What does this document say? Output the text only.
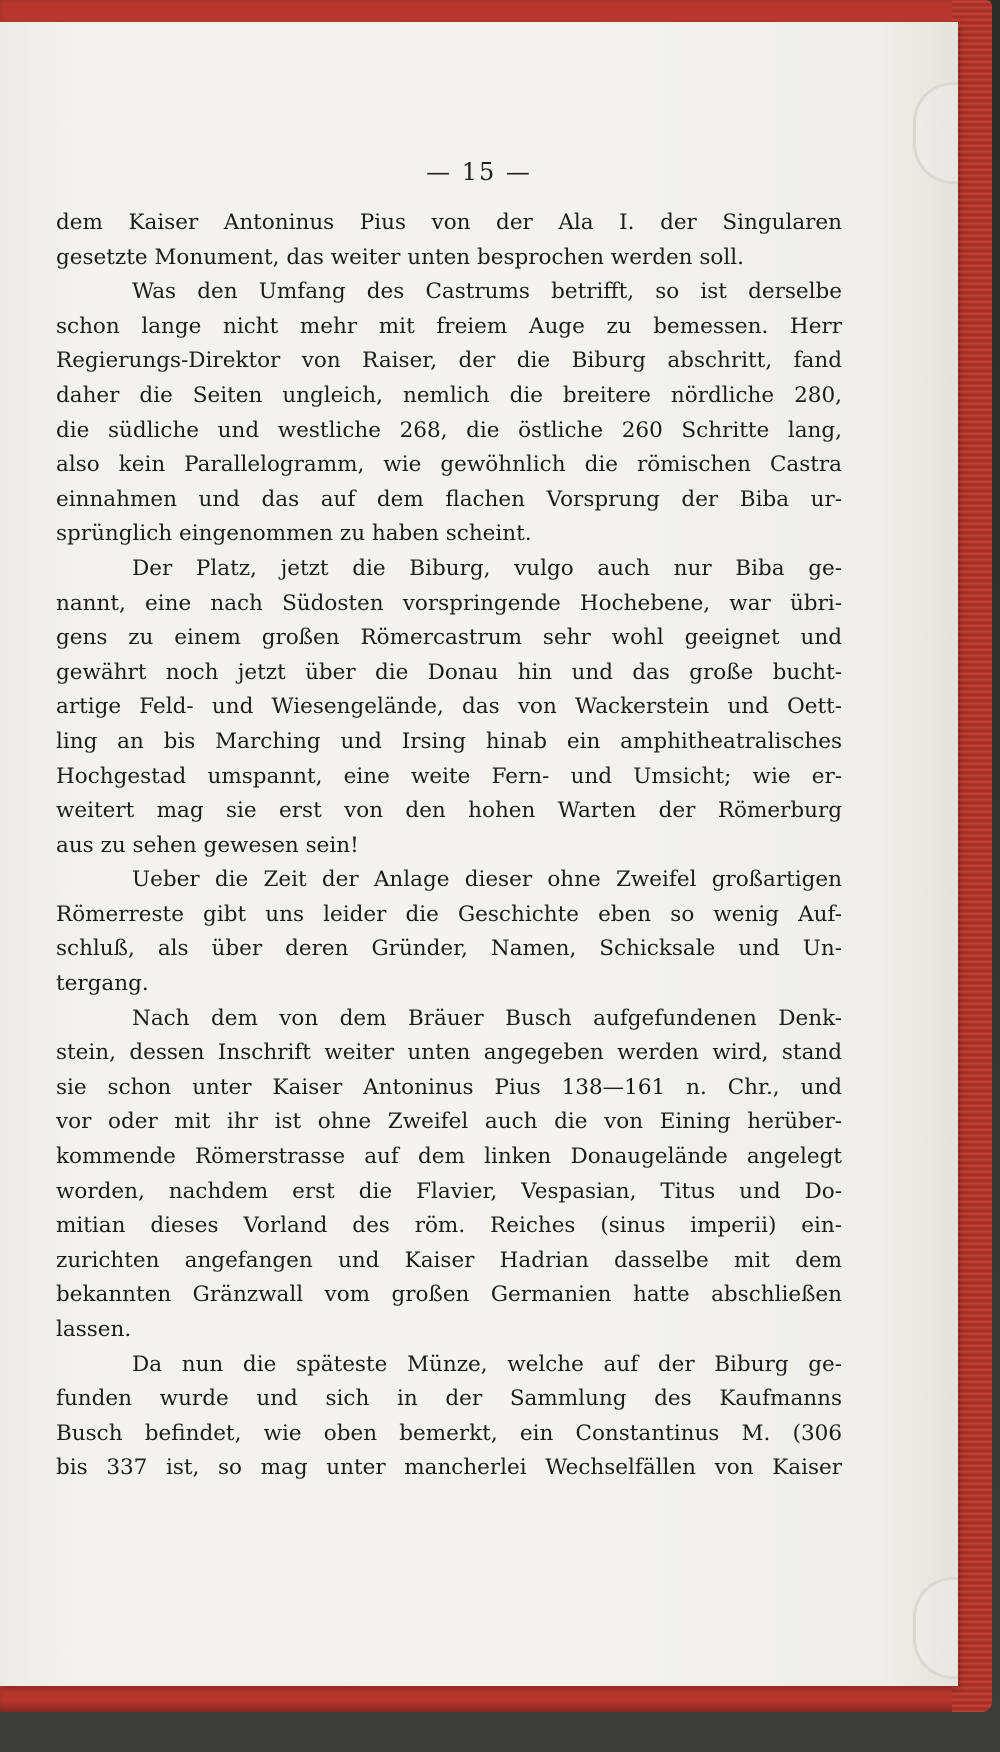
— 15 —
dem Kaiser Antoninus Pius von der Ala I. der Singularen
gesetzte Monument, das weiter unten besprochen werden soll.
Was den Umfang des Castrums betrifft, so ist derselbe
schon lange nicht mehr mit freiem Auge zu bemessen. Herr
Regierungs-Direktor von Raiser, der die Biburg abschritt, fand
daher die Seiten ungleich, nemlich die breitere nördliche 280,
die südliche und westliche 268, die östliche 260 Schritte lang,
also kein Parallelogramm, wie gewöhnlich die römischen Castra
einnahmen und das auf dem flachen Vorsprung der Biba ur-
sprünglich eingenommen zu haben scheint.
Der Platz, jetzt die Biburg, vulgo auch nur Biba ge-
nannt, eine nach Südosten vorspringende Hochebene, war übri-
gens zu einem großen Römercastrum sehr wohl geeignet und
gewährt noch jetzt über die Donau hin und das große bucht-
artige Feld- und Wiesengelände, das von Wackerstein und Oett-
ling an bis Marching und Irsing hinab ein amphitheatralisches
Hochgestad umspannt, eine weite Fern- und Umsicht; wie er-
weitert mag sie erst von den hohen Warten der Römerburg
aus zu sehen gewesen sein!
Ueber die Zeit der Anlage dieser ohne Zweifel großartigen
Römerreste gibt uns leider die Geschichte eben so wenig Auf-
schluß, als über deren Gründer, Namen, Schicksale und Un-
tergang.
Nach dem von dem Bräuer Busch aufgefundenen Denk-
stein, dessen Inschrift weiter unten angegeben werden wird, stand
sie schon unter Kaiser Antoninus Pius 138—161 n. Chr., und
vor oder mit ihr ist ohne Zweifel auch die von Eining herüber-
kommende Römerstrasse auf dem linken Donaugelände angelegt
worden, nachdem erst die Flavier, Vespasian, Titus und Do-
mitian dieses Vorland des röm. Reiches (sinus imperii) ein-
zurichten angefangen und Kaiser Hadrian dasselbe mit dem
bekannten Gränzwall vom großen Germanien hatte abschließen
lassen.
Da nun die späteste Münze, welche auf der Biburg ge-
funden wurde und sich in der Sammlung des Kaufmanns
Busch befindet, wie oben bemerkt, ein Constantinus M. (306
bis 337 ist, so mag unter mancherlei Wechselfällen von Kaiser
